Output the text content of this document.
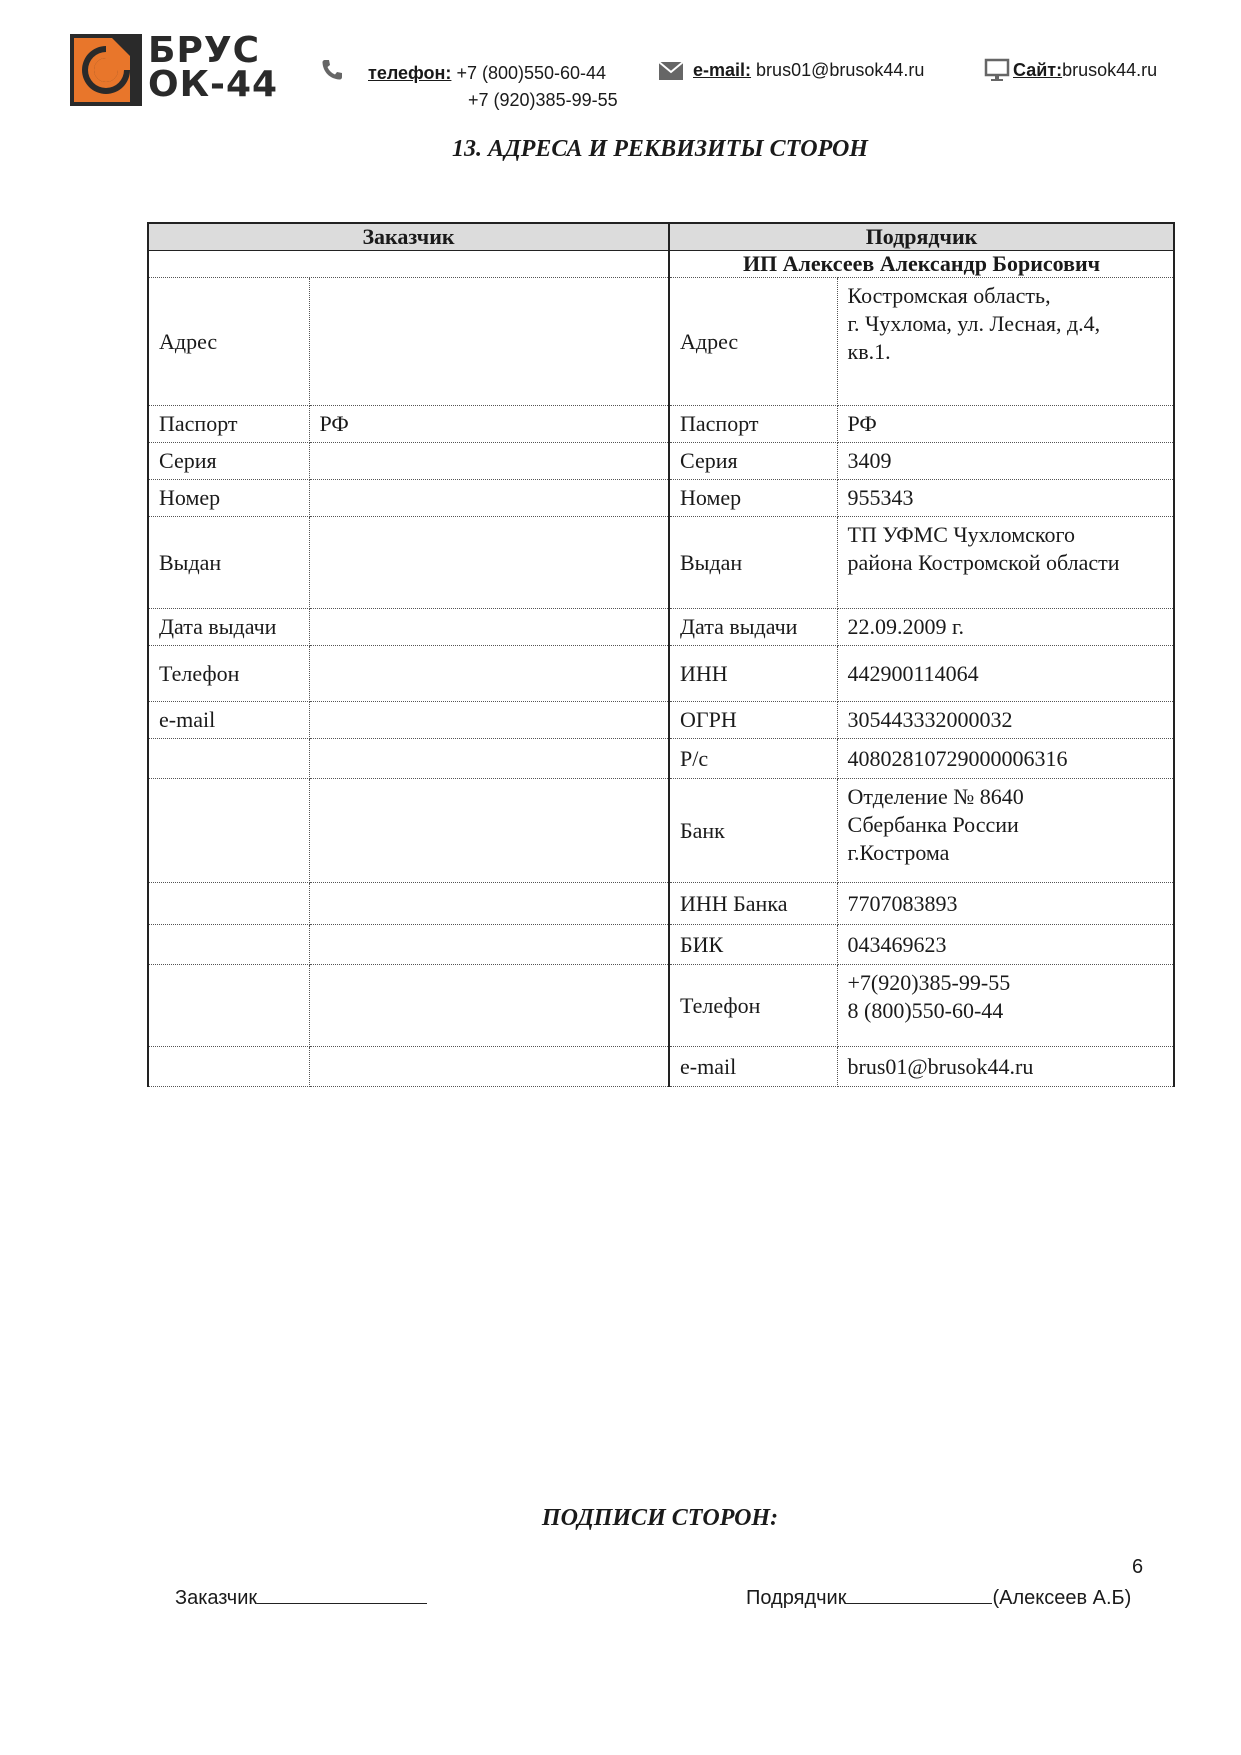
БРУС
ОК-44	телефон: +7 (800)550-60-44
+7 (920)385-99-55
e-mail: brus01@brusok44.ru	Сайт:brusok44.ru
13. АДРЕСА И РЕКВИЗИТЫ СТОРОН
Заказчик		Подрядчик	
		ИП Алексеев Александр Борисович	
Адрес		Адрес	Костромская область,
г. Чухлома, ул. Лесная, д.4,
кв.1.
Паспорт	РФ	Паспорт	РФ
Серия		Серия	3409
Номер		Номер	955343
Выдан		Выдан	ТП УФМС Чухломского
района Костромской области
Дата выдачи		Дата выдачи	22.09.2009 г.
Телефон		ИНН	442900114064
e-mail		ОГРН	305443332000032
		Р/с	40802810729000006316
		Банк	Отделение № 8640
Сбербанка России
г.Кострома
		ИНН Банка	7707083893
		БИК	043469623
		Телефон	+7(920)385-99-55
8 (800)550-60-44
		e-mail	brus01@brusok44.ru
ПОДПИСИ СТОРОН:
6
Заказчик	Подрядчик	(Алексеев А.Б)
